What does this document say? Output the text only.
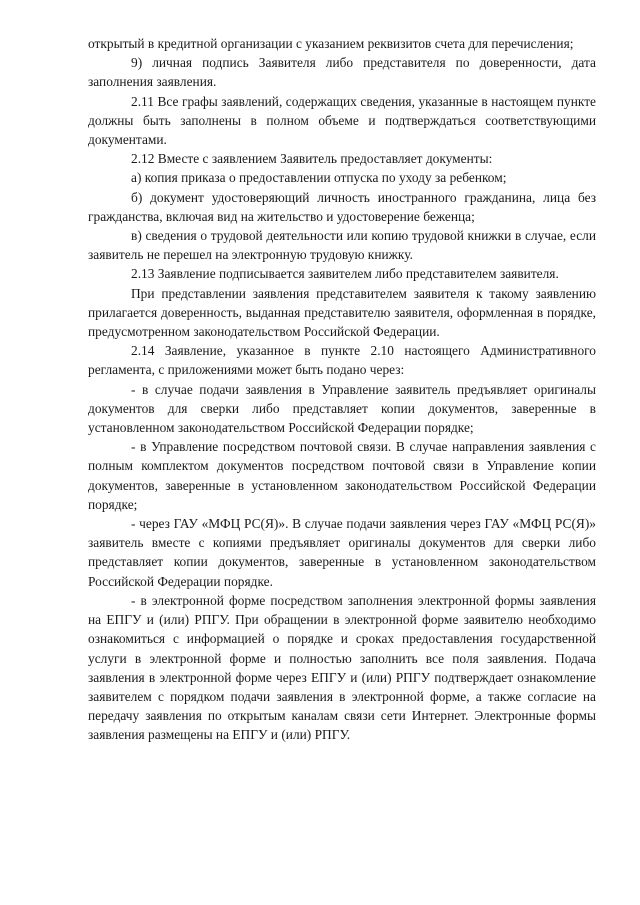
открытый в кредитной организации с указанием реквизитов счета для перечисления;

9) личная подпись Заявителя либо представителя по доверенности, дата заполнения заявления.

2.11 Все графы заявлений, содержащих сведения, указанные в настоящем пункте должны быть заполнены в полном объеме и подтверждаться соответствующими документами.

2.12 Вместе с заявлением Заявитель предоставляет документы:

а) копия приказа о предоставлении отпуска по уходу за ребенком;

б) документ удостоверяющий личность иностранного гражданина, лица без гражданства, включая вид на жительство и удостоверение беженца;

в) сведения о трудовой деятельности или копию трудовой книжки в случае, если заявитель не перешел на электронную трудовую книжку.

2.13 Заявление подписывается заявителем либо представителем заявителя.

При представлении заявления представителем заявителя к такому заявлению прилагается доверенность, выданная представителю заявителя, оформленная в порядке, предусмотренном законодательством Российской Федерации.

2.14 Заявление, указанное в пункте 2.10 настоящего Административного регламента, с приложениями может быть подано через:

- в случае подачи заявления в Управление заявитель предъявляет оригиналы документов для сверки либо представляет копии документов, заверенные в установленном законодательством Российской Федерации порядке;

- в Управление посредством почтовой связи. В случае направления заявления с полным комплектом документов посредством почтовой связи в Управление копии документов, заверенные в установленном законодательством Российской Федерации порядке;

- через ГАУ «МФЦ РС(Я)». В случае подачи заявления через ГАУ «МФЦ РС(Я)» заявитель вместе с копиями предъявляет оригиналы документов для сверки либо представляет копии документов, заверенные в установленном законодательством Российской Федерации порядке.

- в электронной форме посредством заполнения электронной формы заявления на ЕПГУ и (или) РПГУ. При обращении в электронной форме заявителю необходимо ознакомиться с информацией о порядке и сроках предоставления государственной услуги в электронной форме и полностью заполнить все поля заявления. Подача заявления в электронной форме через ЕПГУ и (или) РПГУ подтверждает ознакомление заявителем с порядком подачи заявления в электронной форме, а также согласие на передачу заявления по открытым каналам связи сети Интернет. Электронные формы заявления размещены на ЕПГУ и (или) РПГУ.
